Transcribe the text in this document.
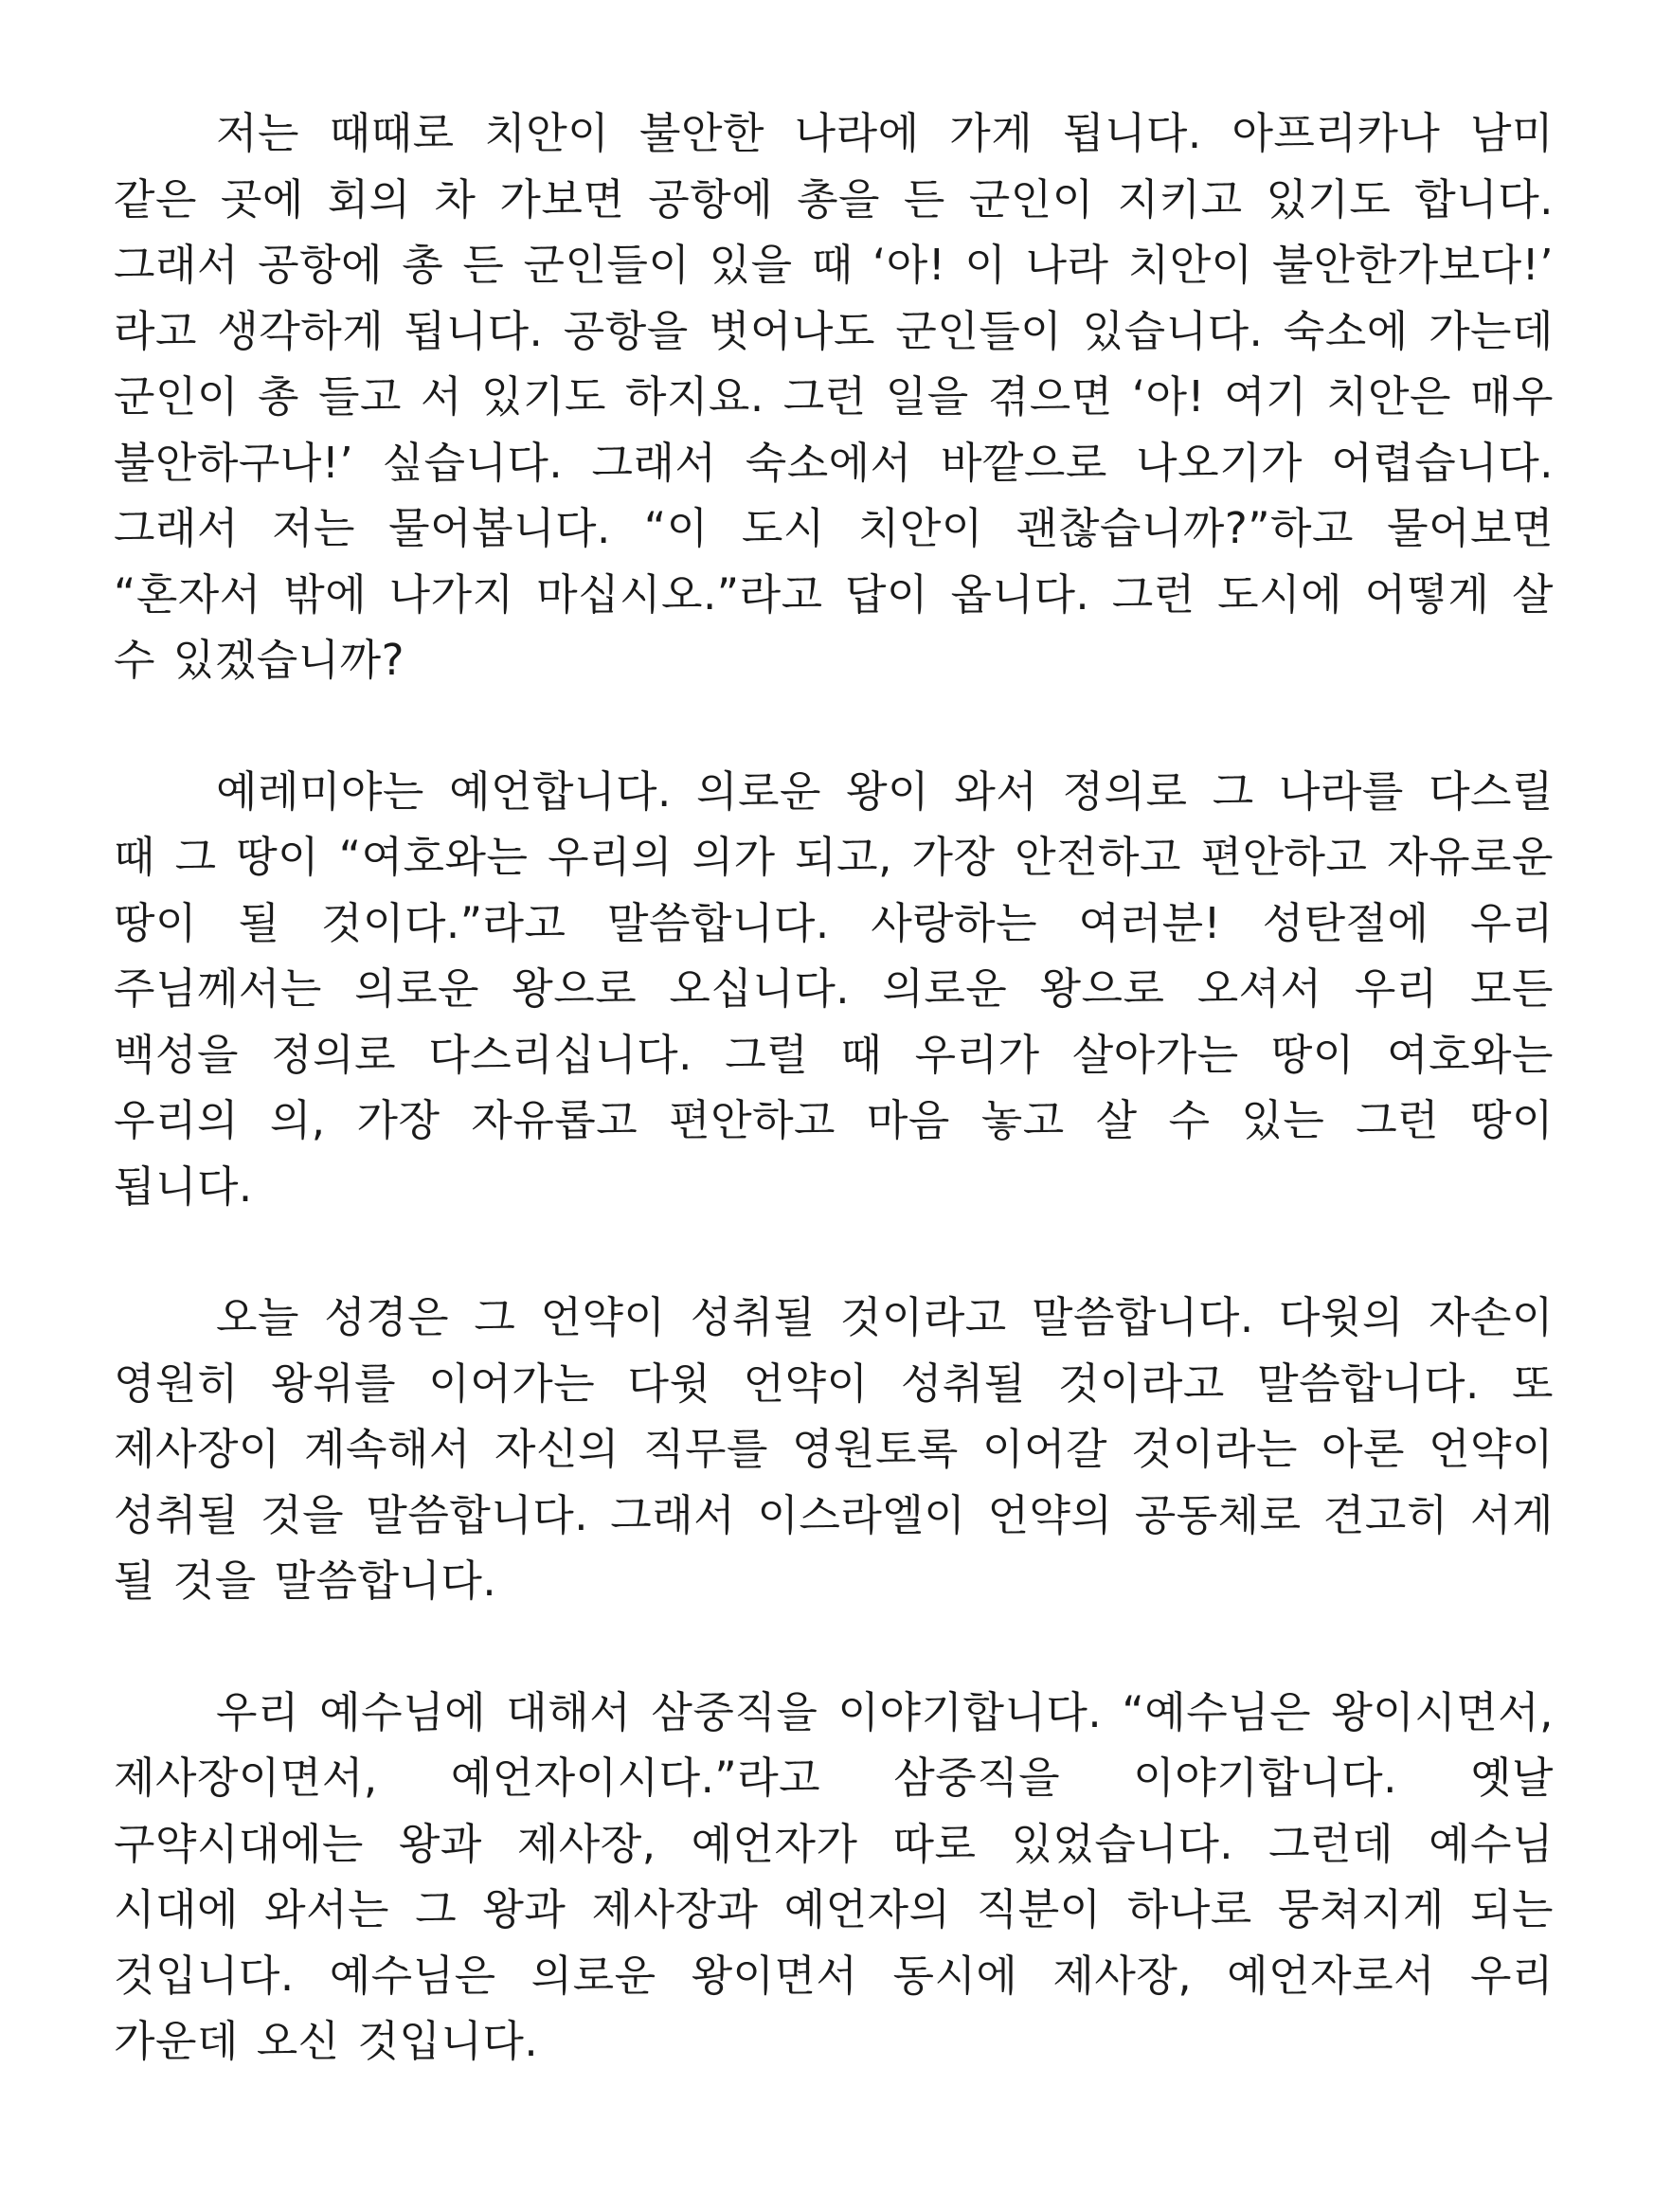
저는 때때로 치안이 불안한 나라에 가게 됩니다. 아프리카나 남미 같은 곳에 회의 차 가보면 공항에 총을 든 군인이 지키고 있기도 합니다. 그래서 공항에 총 든 군인들이 있을 때 ‘아! 이 나라 치안이 불안한가보다!’ 라고 생각하게 됩니다. 공항을 벗어나도 군인들이 있습니다. 숙소에 가는데 군인이 총 들고 서 있기도 하지요. 그런 일을 겪으면 ‘아! 여기 치안은 매우 불안하구나!’ 싶습니다. 그래서 숙소에서 바깥으로 나오기가 어렵습니다. 그래서 저는 물어봅니다. “이 도시 치안이 괜찮습니까?”하고 물어보면 “혼자서 밖에 나가지 마십시오.”라고 답이 옵니다. 그런 도시에 어떻게 살 수 있겠습니까?

예레미야는 예언합니다. 의로운 왕이 와서 정의로 그 나라를 다스릴 때 그 땅이 “여호와는 우리의 의가 되고, 가장 안전하고 편안하고 자유로운 땅이 될 것이다.”라고 말씀합니다. 사랑하는 여러분! 성탄절에 우리 주님께서는 의로운 왕으로 오십니다. 의로운 왕으로 오셔서 우리 모든 백성을 정의로 다스리십니다. 그럴 때 우리가 살아가는 땅이 여호와는 우리의 의, 가장 자유롭고 편안하고 마음 놓고 살 수 있는 그런 땅이 됩니다.

오늘 성경은 그 언약이 성취될 것이라고 말씀합니다. 다윗의 자손이 영원히 왕위를 이어가는 다윗 언약이 성취될 것이라고 말씀합니다. 또 제사장이 계속해서 자신의 직무를 영원토록 이어갈 것이라는 아론 언약이 성취될 것을 말씀합니다. 그래서 이스라엘이 언약의 공동체로 견고히 서게 될 것을 말씀합니다.

우리 예수님에 대해서 삼중직을 이야기합니다. “예수님은 왕이시면서, 제사장이면서, 예언자이시다.”라고 삼중직을 이야기합니다. 옛날 구약시대에는 왕과 제사장, 예언자가 따로 있었습니다. 그런데 예수님 시대에 와서는 그 왕과 제사장과 예언자의 직분이 하나로 뭉쳐지게 되는 것입니다. 예수님은 의로운 왕이면서 동시에 제사장, 예언자로서 우리 가운데 오신 것입니다.
